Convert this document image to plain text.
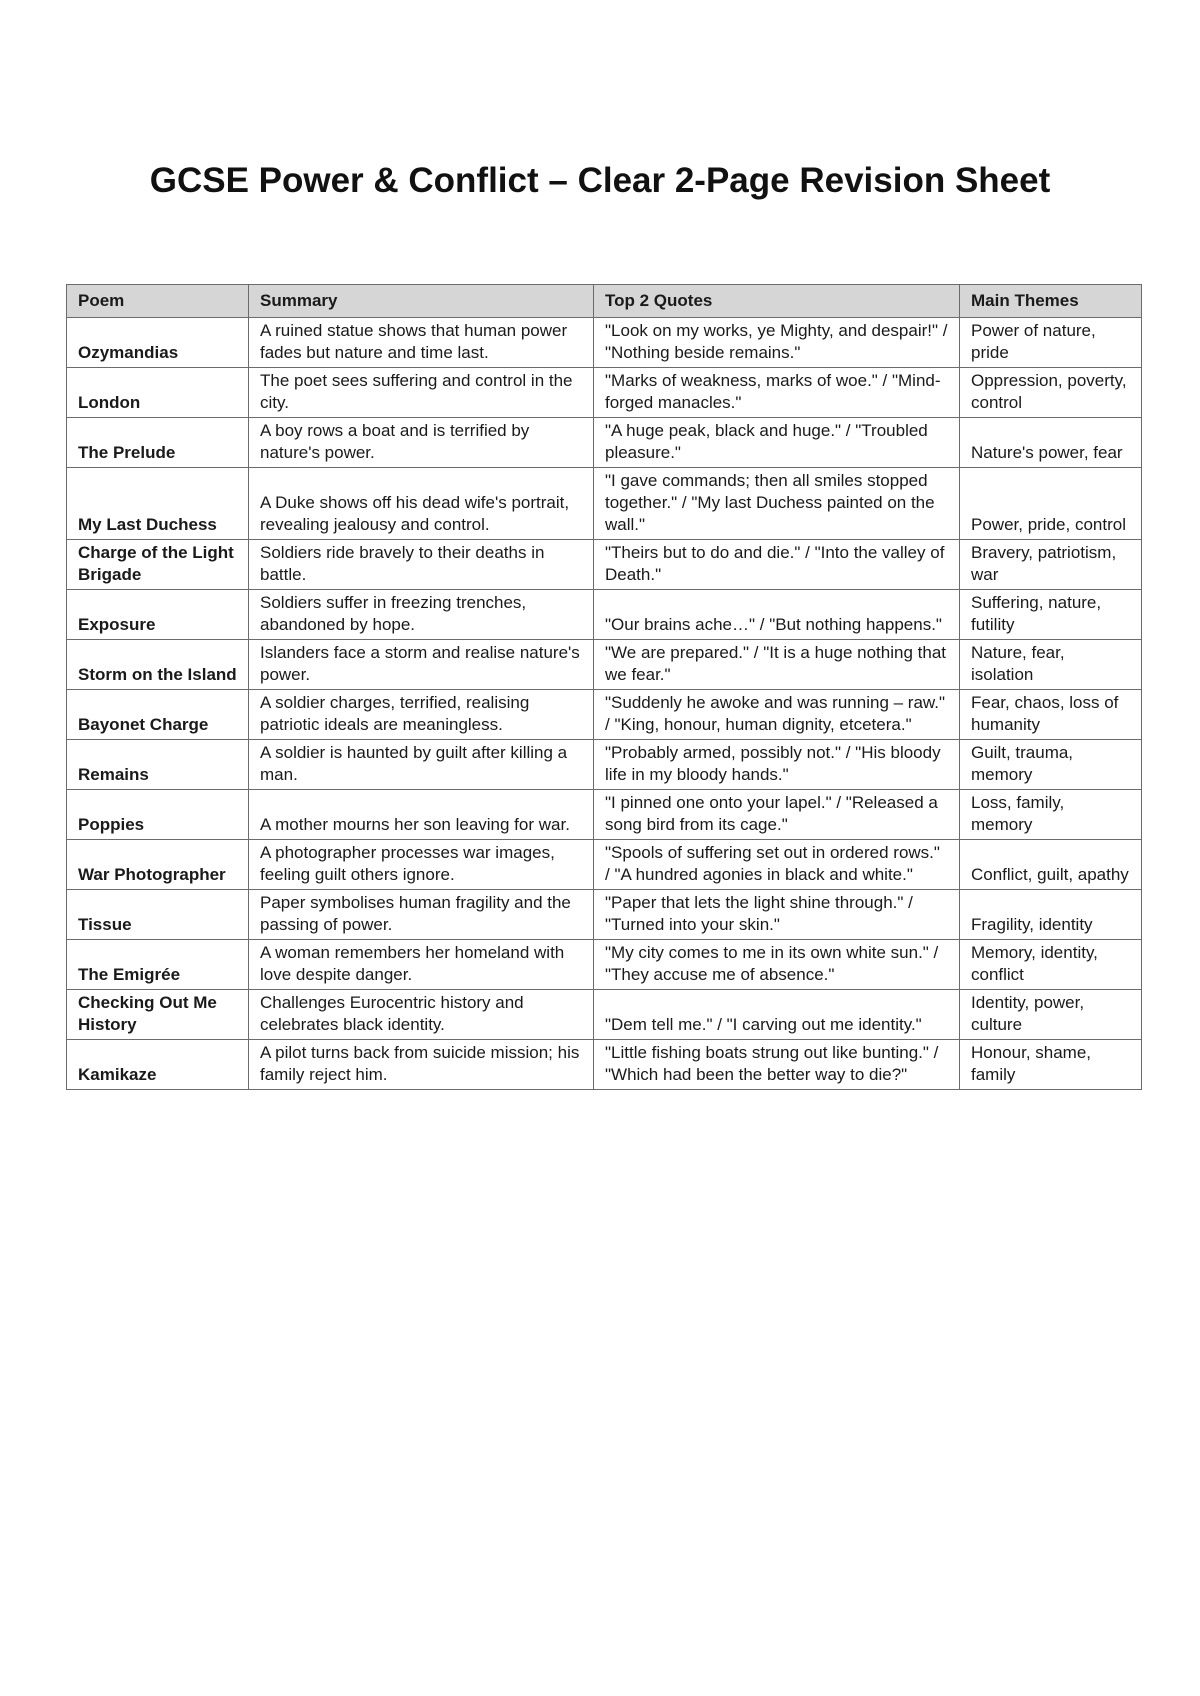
GCSE Power & Conflict – Clear 2-Page Revision Sheet
Poem	Summary	Top 2 Quotes	Main Themes
Ozymandias	A ruined statue shows that human power fades but nature and time last.	"Look on my works, ye Mighty, and despair!" / "Nothing beside remains."	Power of nature, pride
London	The poet sees suffering and control in the city.	"Marks of weakness, marks of woe." / "Mind-forged manacles."	Oppression, poverty, control
The Prelude	A boy rows a boat and is terrified by nature's power.	"A huge peak, black and huge." / "Troubled pleasure."	Nature's power, fear
My Last Duchess	A Duke shows off his dead wife's portrait, revealing jealousy and control.	"I gave commands; then all smiles stopped together." / "My last Duchess painted on the wall."	Power, pride, control
Charge of the Light Brigade	Soldiers ride bravely to their deaths in battle.	"Theirs but to do and die." / "Into the valley of Death."	Bravery, patriotism, war
Exposure	Soldiers suffer in freezing trenches, abandoned by hope.	"Our brains ache…" / "But nothing happens."	Suffering, nature, futility
Storm on the Island	Islanders face a storm and realise nature's power.	"We are prepared." / "It is a huge nothing that we fear."	Nature, fear, isolation
Bayonet Charge	A soldier charges, terrified, realising patriotic ideals are meaningless.	"Suddenly he awoke and was running – raw." / "King, honour, human dignity, etcetera."	Fear, chaos, loss of humanity
Remains	A soldier is haunted by guilt after killing a man.	"Probably armed, possibly not." / "His bloody life in my bloody hands."	Guilt, trauma, memory
Poppies	A mother mourns her son leaving for war.	"I pinned one onto your lapel." / "Released a song bird from its cage."	Loss, family, memory
War Photographer	A photographer processes war images, feeling guilt others ignore.	"Spools of suffering set out in ordered rows." / "A hundred agonies in black and white."	Conflict, guilt, apathy
Tissue	Paper symbolises human fragility and the passing of power.	"Paper that lets the light shine through." / "Turned into your skin."	Fragility, identity
The Emigrée	A woman remembers her homeland with love despite danger.	"My city comes to me in its own white sun." / "They accuse me of absence."	Memory, identity, conflict
Checking Out Me History	Challenges Eurocentric history and celebrates black identity.	"Dem tell me." / "I carving out me identity."	Identity, power, culture
Kamikaze	A pilot turns back from suicide mission; his family reject him.	"Little fishing boats strung out like bunting." / "Which had been the better way to die?"	Honour, shame, family
